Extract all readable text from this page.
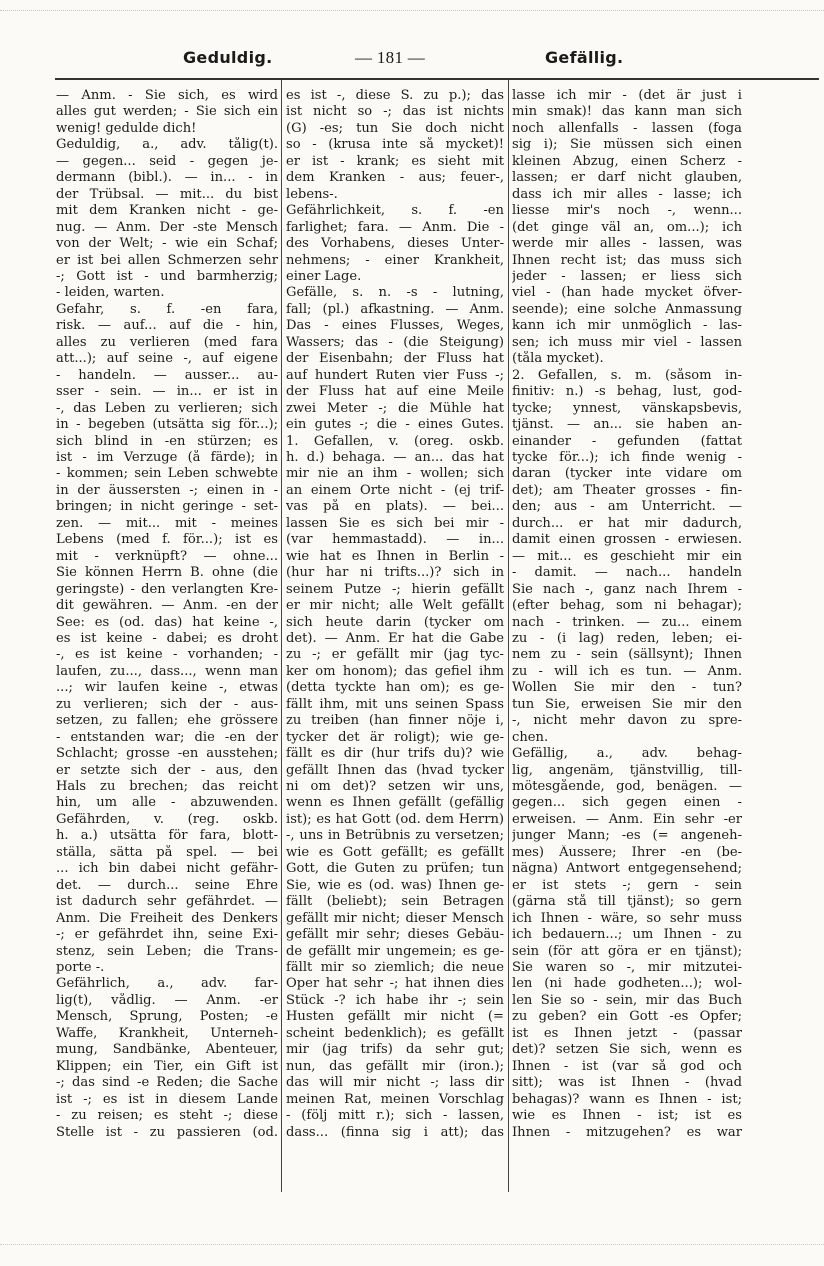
Geduldig.	— 181 —	Gefällig.
— Anm. - Sie sich, es wird
alles gut werden; - Sie sich ein
wenig! gedulde dich!
Geduldig, a., adv. tålig(t).
— gegen... seid - gegen je-
dermann (bibl.). — in... - in
der Trübsal. — mit... du bist
mit dem Kranken nicht - ge-
nug. — Anm. Der -ste Mensch
von der Welt; - wie ein Schaf;
er ist bei allen Schmerzen sehr
-; Gott ist - und barmherzig;
- leiden, warten.
Gefahr, s. f. -en fara,
risk. — auf... auf die - hin,
alles zu verlieren (med fara
att...); auf seine -, auf eigene
- handeln. — ausser... au-
sser - sein. — in... er ist in
-, das Leben zu verlieren; sich
in - begeben (utsätta sig för...);
sich blind in -en stürzen; es
ist - im Verzuge (å färde); in
- kommen; sein Leben schwebte
in der äussersten -; einen in -
bringen; in nicht geringe - set-
zen. — mit... mit - meines
Lebens (med f. för...); ist es
mit - verknüpft? — ohne...
Sie können Herrn B. ohne (die
geringste) - den verlangten Kre-
dit gewähren. — Anm. -en der
See: es (od. das) hat keine -,
es ist keine - dabei; es droht
-, es ist keine - vorhanden; -
laufen, zu..., dass..., wenn man
...; wir laufen keine -, etwas
zu verlieren; sich der - aus-
setzen, zu fallen; ehe grössere
- entstanden war; die -en der
Schlacht; grosse -en ausstehen;
er setzte sich der - aus, den
Hals zu brechen; das reicht
hin, um alle - abzuwenden.
Gefährden, v. (reg. oskb.
h. a.) utsätta för fara, blott-
ställa, sätta på spel. — bei
... ich bin dabei nicht gefähr-
det. — durch... seine Ehre
ist dadurch sehr gefährdet. —
Anm. Die Freiheit des Denkers
-; er gefährdet ihn, seine Exi-
stenz, sein Leben; die Trans-
porte -.
Gefährlich, a., adv. far-
lig(t), vådlig. — Anm. -er
Mensch, Sprung, Posten; -e
Waffe, Krankheit, Unterneh-
mung, Sandbänke, Abenteuer,
Klippen; ein Tier, ein Gift ist
-; das sind -e Reden; die Sache
ist -; es ist in diesem Lande
- zu reisen; es steht -; diese
Stelle ist - zu passieren (od.
es ist -, diese S. zu p.); das
ist nicht so -; das ist nichts
(G) -es; tun Sie doch nicht
so - (krusa inte så mycket)!
er ist - krank; es sieht mit
dem Kranken - aus; feuer-,
lebens-.
Gefährlichkeit, s. f. -en
farlighet; fara. — Anm. Die -
des Vorhabens, dieses Unter-
nehmens; - einer Krankheit,
einer Lage.
Gefälle, s. n. -s - lutning,
fall; (pl.) afkastning. — Anm.
Das - eines Flusses, Weges,
Wassers; das - (die Steigung)
der Eisenbahn; der Fluss hat
auf hundert Ruten vier Fuss -;
der Fluss hat auf eine Meile
zwei Meter -; die Mühle hat
ein gutes -; die - eines Gutes.
1. Gefallen, v. (oreg. oskb.
h. d.) behaga. — an... das hat
mir nie an ihm - wollen; sich
an einem Orte nicht - (ej trif-
vas på en plats). — bei...
lassen Sie es sich bei mir -
(var hemmastadd). — in...
wie hat es Ihnen in Berlin -
(hur har ni trifts...)? sich in
seinem Putze -; hierin gefällt
er mir nicht; alle Welt gefällt
sich heute darin (tycker om
det). — Anm. Er hat die Gabe
zu -; er gefällt mir (jag tyc-
ker om honom); das gefiel ihm
(detta tyckte han om); es ge-
fällt ihm, mit uns seinen Spass
zu treiben (han finner nöje i,
tycker det är roligt); wie ge-
fällt es dir (hur trifs du)? wie
gefällt Ihnen das (hvad tycker
ni om det)? setzen wir uns,
wenn es Ihnen gefällt (gefällig
ist); es hat Gott (od. dem Herrn)
-, uns in Betrübnis zu versetzen;
wie es Gott gefällt; es gefällt
Gott, die Guten zu prüfen; tun
Sie, wie es (od. was) Ihnen ge-
fällt (beliebt); sein Betragen
gefällt mir nicht; dieser Mensch
gefällt mir sehr; dieses Gebäu-
de gefällt mir ungemein; es ge-
fällt mir so ziemlich; die neue
Oper hat sehr -; hat ihnen dies
Stück -? ich habe ihr -; sein
Husten gefällt mir nicht (=
scheint bedenklich); es gefällt
mir (jag trifs) da sehr gut;
nun, das gefällt mir (iron.);
das will mir nicht -; lass dir
meinen Rat, meinen Vorschlag
- (följ mitt r.); sich - lassen,
dass... (finna sig i att); das
lasse ich mir - (det är just i
min smak)! das kann man sich
noch allenfalls - lassen (foga
sig i); Sie müssen sich einen
kleinen Abzug, einen Scherz -
lassen; er darf nicht glauben,
dass ich mir alles - lasse; ich
liesse mir's noch -, wenn...
(det ginge väl an, om...); ich
werde mir alles - lassen, was
Ihnen recht ist; das muss sich
jeder - lassen; er liess sich
viel - (han hade mycket öfver-
seende); eine solche Anmassung
kann ich mir unmöglich - las-
sen; ich muss mir viel - lassen
(tåla mycket).
2. Gefallen, s. m. (såsom in-
finitiv: n.) -s behag, lust, god-
tycke; ynnest, vänskapsbevis,
tjänst. — an... sie haben an-
einander - gefunden (fattat
tycke för...); ich finde wenig -
daran (tycker inte vidare om
det); am Theater grosses - fin-
den; aus - am Unterricht. —
durch... er hat mir dadurch,
damit einen grossen - erwiesen.
— mit... es geschieht mir ein
- damit. — nach... handeln
Sie nach -, ganz nach Ihrem -
(efter behag, som ni behagar);
nach - trinken. — zu... einem
zu - (i lag) reden, leben; ei-
nem zu - sein (sällsynt); Ihnen
zu - will ich es tun. — Anm.
Wollen Sie mir den - tun?
tun Sie, erweisen Sie mir den
-, nicht mehr davon zu spre-
chen.
Gefällig, a., adv. behag-
lig, angenäm, tjänstvillig, till-
mötesgående, god, benägen. —
gegen... sich gegen einen -
erweisen. — Anm. Ein sehr -er
junger Mann; -es (= angeneh-
mes) Äussere; Ihrer -en (be-
nägna) Antwort entgegensehend;
er ist stets -; gern - sein
(gärna stå till tjänst); so gern
ich Ihnen - wäre, so sehr muss
ich bedauern...; um Ihnen - zu
sein (för att göra er en tjänst);
Sie waren so -, mir mitzutei-
len (ni hade godheten...); wol-
len Sie so - sein, mir das Buch
zu geben? ein Gott -es Opfer;
ist es Ihnen jetzt - (passar
det)? setzen Sie sich, wenn es
Ihnen - ist (var så god och
sitt); was ist Ihnen - (hvad
behagas)? wann es Ihnen - ist;
wie es Ihnen - ist; ist es
Ihnen - mitzugehen? es war
